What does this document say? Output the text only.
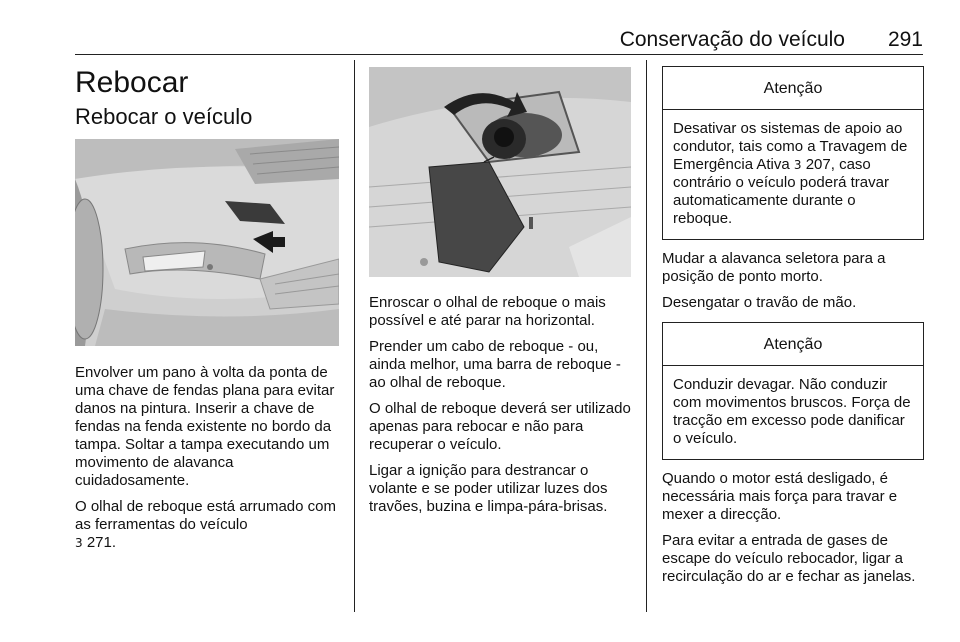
Conservação do veículo 291
Rebocar
Rebocar o veículo

Envolver um pano à volta da ponta de uma chave de fendas plana para evitar danos na pintura. Inserir a chave de fendas na fenda existente no bordo da tampa. Soltar a tampa executando um movimento de alavanca cuidadosamente.

O olhal de reboque está arrumado com as ferramentas do veículo
3 271.

Enroscar o olhal de reboque o mais possível e até parar na horizontal.

Prender um cabo de reboque - ou, ainda melhor, uma barra de reboque - ao olhal de reboque.

O olhal de reboque deverá ser utilizado apenas para rebocar e não para recuperar o veículo.

Ligar a ignição para destrancar o volante e se poder utilizar luzes dos travões, buzina e limpa-pára-brisas.

Atenção
Desativar os sistemas de apoio ao condutor, tais como a Travagem de Emergência Ativa 3 207, caso contrário o veículo poderá travar automaticamente durante o reboque.

Mudar a alavanca seletora para a posição de ponto morto.

Desengatar o travão de mão.

Atenção
Conduzir devagar. Não conduzir com movimentos bruscos. Força de tracção em excesso pode danificar o veículo.

Quando o motor está desligado, é necessária mais força para travar e mexer a direcção.

Para evitar a entrada de gases de escape do veículo rebocador, ligar a recirculação do ar e fechar as janelas.
